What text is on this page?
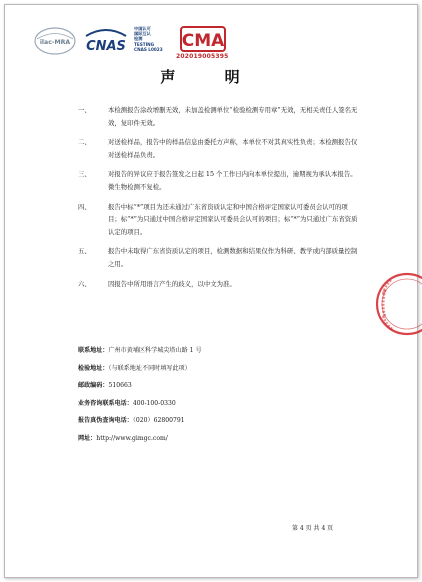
ilac-MRA CNAS
中国认可
国际互认
检测
TESTING
CNAS L0023	CMA
202019005395
声 明
一、	本检测报告涂改增删无效，未加盖检测单位“检验检测专用章”无效，无相关责任人签名无效，复印件无效。
二、	对送检样品，报告中的样品信息由委托方声称，本单位不对其真实性负责；本检测报告仅对送检样品负责。
三、	对报告的异议应于报告签发之日起 15 个工作日内向本单位提出，逾期视为承认本报告。微生物检测不复检。
四、	报告中标“*”项目为还未通过广东省资质认定和中国合格评定国家认可委员会认可的项目；标“*”为只通过中国合格评定国家认可委员会认可的项目；标“*”为只通过广东省资质认定的项目。
五、	报告中未取得广东省资质认定的项目，检测数据和结果仅作为科研、教学或内部质量控制之用。
六、	因报告中所用语言产生的歧义，以中文为准。
联系地址：广州市黄埔区科学城尖塔山路 1 号
检验地址：（与联系地址不同时填写此项）
邮政编码：510663
业务咨询联系电话：400-100-0330
报告真伪查询电话：（020）62800791
网址：http://www.gimgc.com/
第 4 页 共 4 页
